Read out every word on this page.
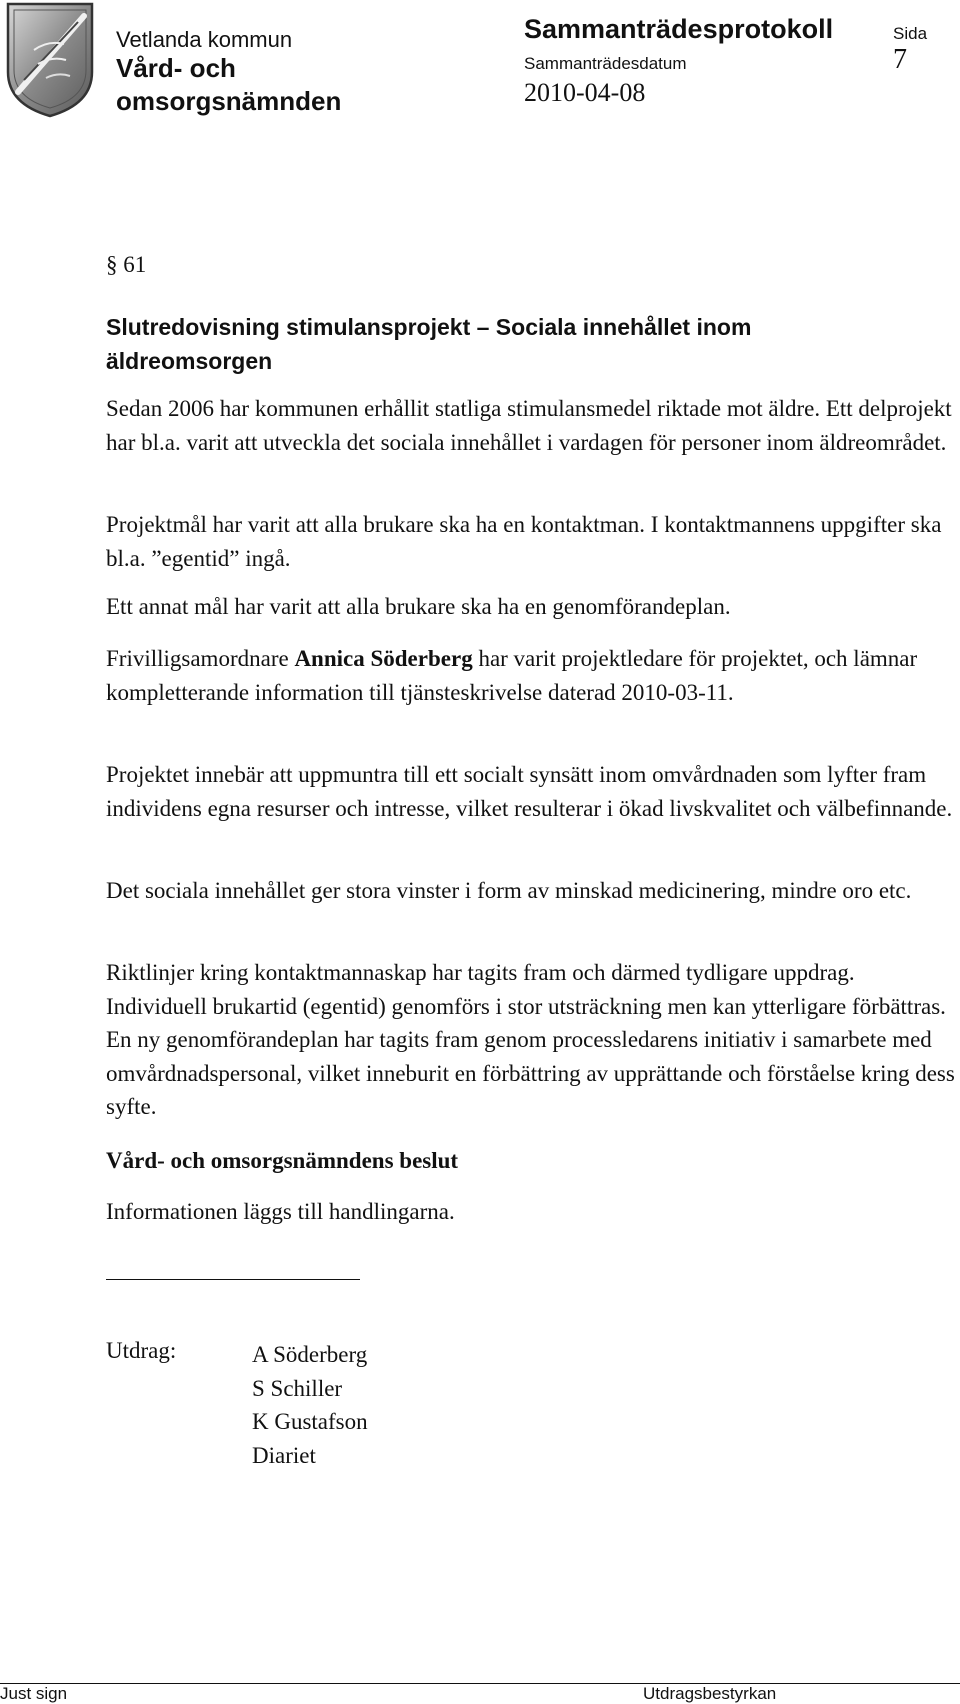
Vetlanda kommun
Vård- och
omsorgsnämnden
Sammanträdesprotokoll
Sammanträdesdatum
2010-04-08
Sida
7
§ 61
Slutredovisning stimulansprojekt – Sociala innehållet inom äldreomsorgen
Sedan 2006 har kommunen erhållit statliga stimulansmedel riktade mot äldre. Ett delprojekt har bl.a. varit att utveckla det sociala innehållet i vardagen för personer inom äldreområdet.
Projektmål har varit att alla brukare ska ha en kontaktman. I kontaktmannens uppgifter ska bl.a. ”egentid” ingå.
Ett annat mål har varit att alla brukare ska ha en genomförandeplan.
Frivilligsamordnare Annica Söderberg har varit projektledare för projektet, och lämnar kompletterande information till tjänsteskrivelse daterad 2010-03-11.
Projektet innebär att uppmuntra till ett socialt synsätt inom omvårdnaden som lyfter fram individens egna resurser och intresse, vilket resulterar i ökad livskvalitet och välbefinnande.
Det sociala innehållet ger stora vinster i form av minskad medicinering, mindre oro etc.
Riktlinjer kring kontaktmannaskap har tagits fram och därmed tydligare uppdrag. Individuell brukartid (egentid) genomförs i stor utsträckning men kan ytterligare förbättras. En ny genomförandeplan har tagits fram genom processledarens initiativ i samarbete med omvårdnadspersonal, vilket inneburit en förbättring av upprättande och förståelse kring dess syfte.
Vård- och omsorgsnämndens beslut
Informationen läggs till handlingarna.
Utdrag:	A Söderberg
S Schiller
K Gustafson
Diariet
Just sign	Utdragsbestyrkan
